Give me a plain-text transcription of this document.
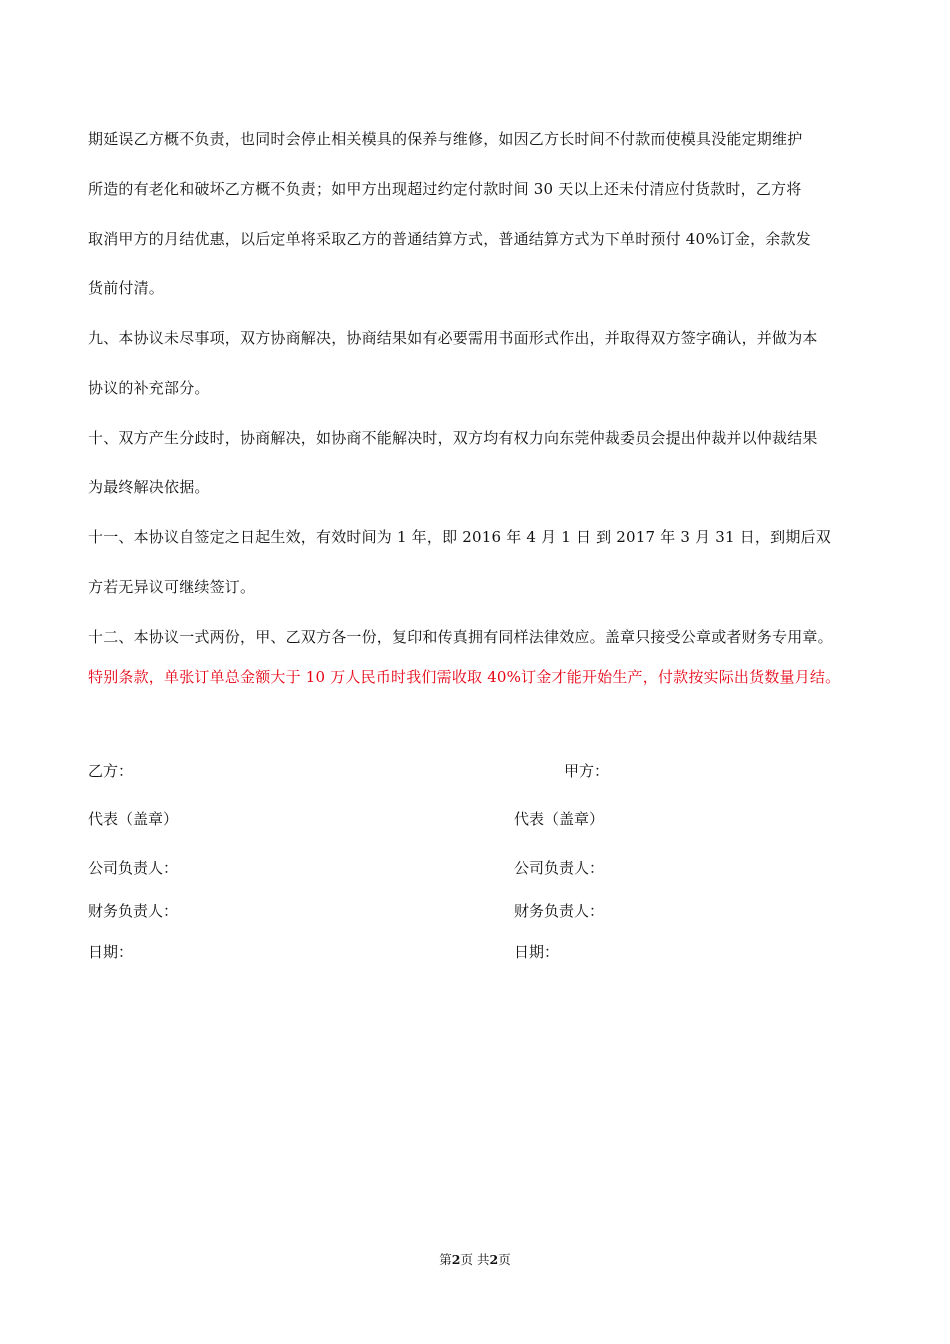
期延误乙方概不负责，也同时会停止相关模具的保养与维修，如因乙方长时间不付款而使模具没能定期维护
所造的有老化和破坏乙方概不负责；如甲方出现超过约定付款时间 30 天以上还未付清应付货款时，乙方将
取消甲方的月结优惠，以后定单将采取乙方的普通结算方式，普通结算方式为下单时预付 40%订金，余款发
货前付清。
九、本协议未尽事项，双方协商解决，协商结果如有必要需用书面形式作出，并取得双方签字确认，并做为本
协议的补充部分。
十、双方产生分歧时，协商解决，如协商不能解决时，双方均有权力向东莞仲裁委员会提出仲裁并以仲裁结果
为最终解决依据。
十一、本协议自签定之日起生效，有效时间为 1 年，即 2016 年 4 月 1 日 到 2017 年 3 月 31 日，到期后双
方若无异议可继续签订。
十二、本协议一式两份，甲、乙双方各一份，复印和传真拥有同样法律效应。盖章只接受公章或者财务专用章。
特别条款，单张订单总金额大于 10 万人民币时我们需收取 40%订金才能开始生产，付款按实际出货数量月结。
乙方：
代表（盖章）
公司负责人：
财务负责人：
日期：
甲方：
代表（盖章）
公司负责人：
财务负责人：
日期：
第2页 共2页
